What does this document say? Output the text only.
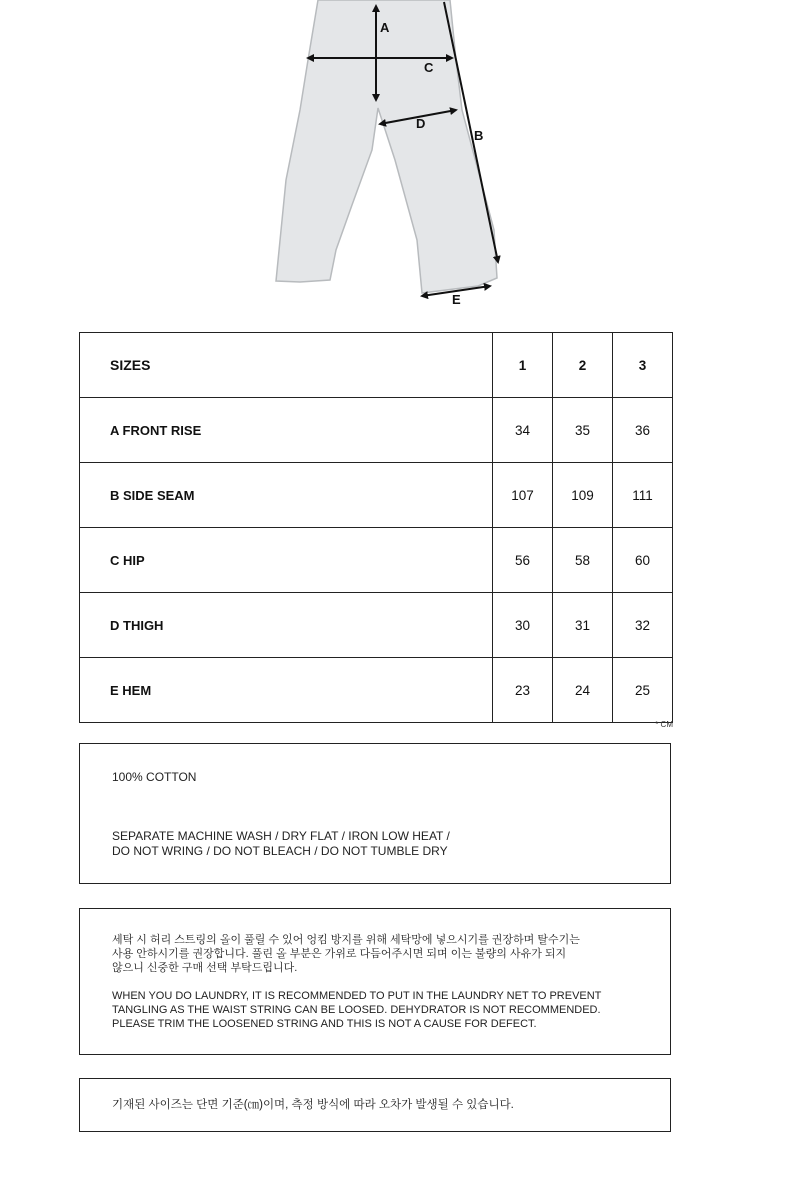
A
C
D
B
E
SIZES	1	2	3
A FRONT RISE	34	35	36
B SIDE SEAM	107	109	111
C HIP	56	58	60
D THIGH	30	31	32
E HEM	23	24	25
* CM

100% COTTON

SEPARATE MACHINE WASH / DRY FLAT / IRON LOW HEAT /

DO NOT WRING / DO NOT BLEACH / DO NOT TUMBLE DRY

세탁 시 허리 스트링의 올이 풀릴 수 있어 엉킴 방지를 위해 세탁망에 넣으시기를 권장하며 탈수기는

사용 안하시기를 권장합니다. 풀린 올 부분은 가위로 다듬어주시면 되며 이는 불량의 사유가 되지

않으니 신중한 구매 선택 부탁드립니다.

WHEN YOU DO LAUNDRY, IT IS RECOMMENDED TO PUT IN THE LAUNDRY NET TO PREVENT

TANGLING AS THE WAIST STRING CAN BE LOOSED. DEHYDRATOR IS NOT RECOMMENDED.

PLEASE TRIM THE LOOSENED STRING AND THIS IS NOT A CAUSE FOR DEFECT.

기재된 사이즈는 단면 기준(㎝)이며, 측정 방식에 따라 오차가 발생될 수 있습니다.
